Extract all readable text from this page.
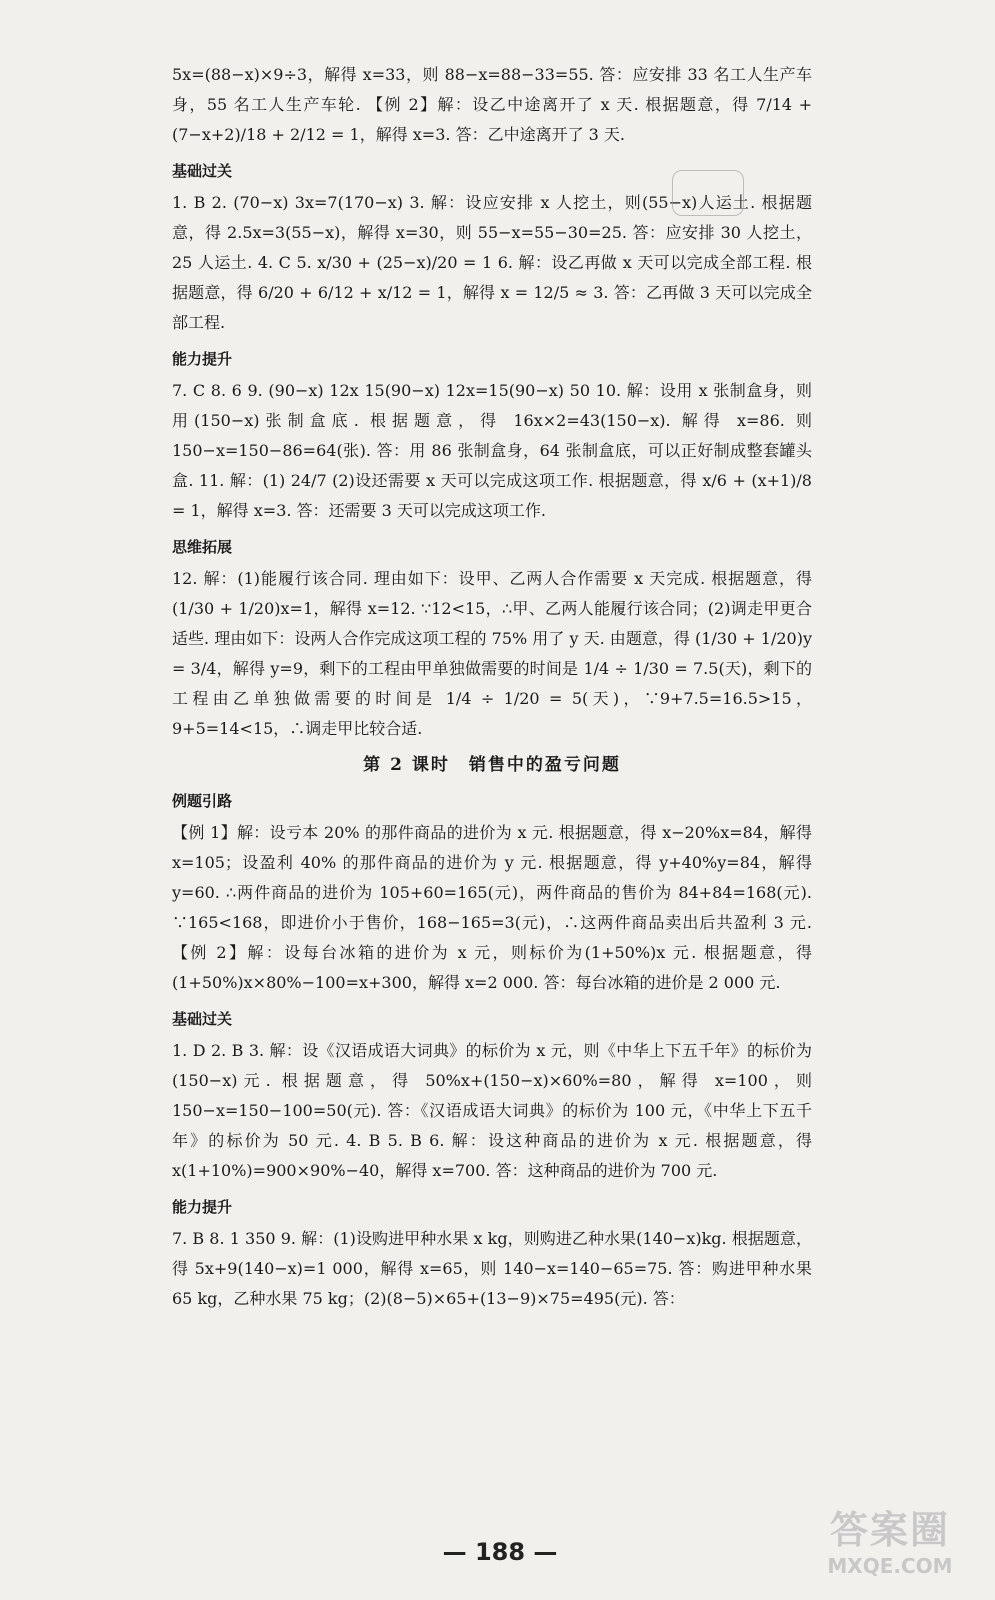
5x=(88−x)×9÷3，解得 x=33，则 88−x=88−33=55. 答：应安排 33 名工人生产车身，55 名工人生产车轮. 【例 2】解：设乙中途离开了 x 天. 根据题意，得 7/14 + (7−x+2)/18 + 2/12 = 1，解得 x=3. 答：乙中途离开了 3 天.
基础过关
1. B 2. (70−x) 3x=7(170−x) 3. 解：设应安排 x 人挖土，则(55−x)人运土. 根据题意，得 2.5x=3(55−x)，解得 x=30，则 55−x=55−30=25. 答：应安排 30 人挖土，25 人运土. 4. C 5. x/30 + (25−x)/20 = 1 6. 解：设乙再做 x 天可以完成全部工程. 根据题意，得 6/20 + 6/12 + x/12 = 1，解得 x = 12/5 ≈ 3. 答：乙再做 3 天可以完成全部工程.
能力提升
7. C 8. 6 9. (90−x) 12x 15(90−x) 12x=15(90−x) 50 10. 解：设用 x 张制盒身，则用(150−x)张制盒底. 根据题意，得 16x×2=43(150−x). 解得 x=86. 则 150−x=150−86=64(张). 答：用 86 张制盒身，64 张制盒底，可以正好制成整套罐头盒. 11. 解：(1) 24/7 (2)设还需要 x 天可以完成这项工作. 根据题意，得 x/6 + (x+1)/8 = 1，解得 x=3. 答：还需要 3 天可以完成这项工作.
思维拓展
12. 解：(1)能履行该合同. 理由如下：设甲、乙两人合作需要 x 天完成. 根据题意，得 (1/30 + 1/20)x=1，解得 x=12. ∵12<15，∴甲、乙两人能履行该合同；(2)调走甲更合适些. 理由如下：设两人合作完成这项工程的 75% 用了 y 天. 由题意，得 (1/30 + 1/20)y = 3/4，解得 y=9，剩下的工程由甲单独做需要的时间是 1/4 ÷ 1/30 = 7.5(天)，剩下的工程由乙单独做需要的时间是 1/4 ÷ 1/20 = 5(天)，∵9+7.5=16.5>15，9+5=14<15，∴调走甲比较合适.
第 2 课时　销售中的盈亏问题
例题引路
【例 1】解：设亏本 20% 的那件商品的进价为 x 元. 根据题意，得 x−20%x=84，解得 x=105；设盈利 40% 的那件商品的进价为 y 元. 根据题意，得 y+40%y=84，解得 y=60. ∴两件商品的进价为 105+60=165(元)，两件商品的售价为 84+84=168(元). ∵165<168，即进价小于售价，168−165=3(元)，∴这两件商品卖出后共盈利 3 元. 【例 2】解：设每台冰箱的进价为 x 元，则标价为(1+50%)x 元. 根据题意，得(1+50%)x×80%−100=x+300，解得 x=2 000. 答：每台冰箱的进价是 2 000 元.
基础过关
1. D 2. B 3. 解：设《汉语成语大词典》的标价为 x 元，则《中华上下五千年》的标价为(150−x)元. 根据题意，得 50%x+(150−x)×60%=80，解得 x=100，则 150−x=150−100=50(元). 答：《汉语成语大词典》的标价为 100 元，《中华上下五千年》的标价为 50 元. 4. B 5. B 6. 解：设这种商品的进价为 x 元. 根据题意，得 x(1+10%)=900×90%−40，解得 x=700. 答：这种商品的进价为 700 元.
能力提升
7. B 8. 1 350 9. 解：(1)设购进甲种水果 x kg，则购进乙种水果(140−x)kg. 根据题意，得 5x+9(140−x)=1 000，解得 x=65，则 140−x=140−65=75. 答：购进甲种水果 65 kg，乙种水果 75 kg；(2)(8−5)×65+(13−9)×75=495(元). 答：
— 188 —	答案圈
MXQE.COM
